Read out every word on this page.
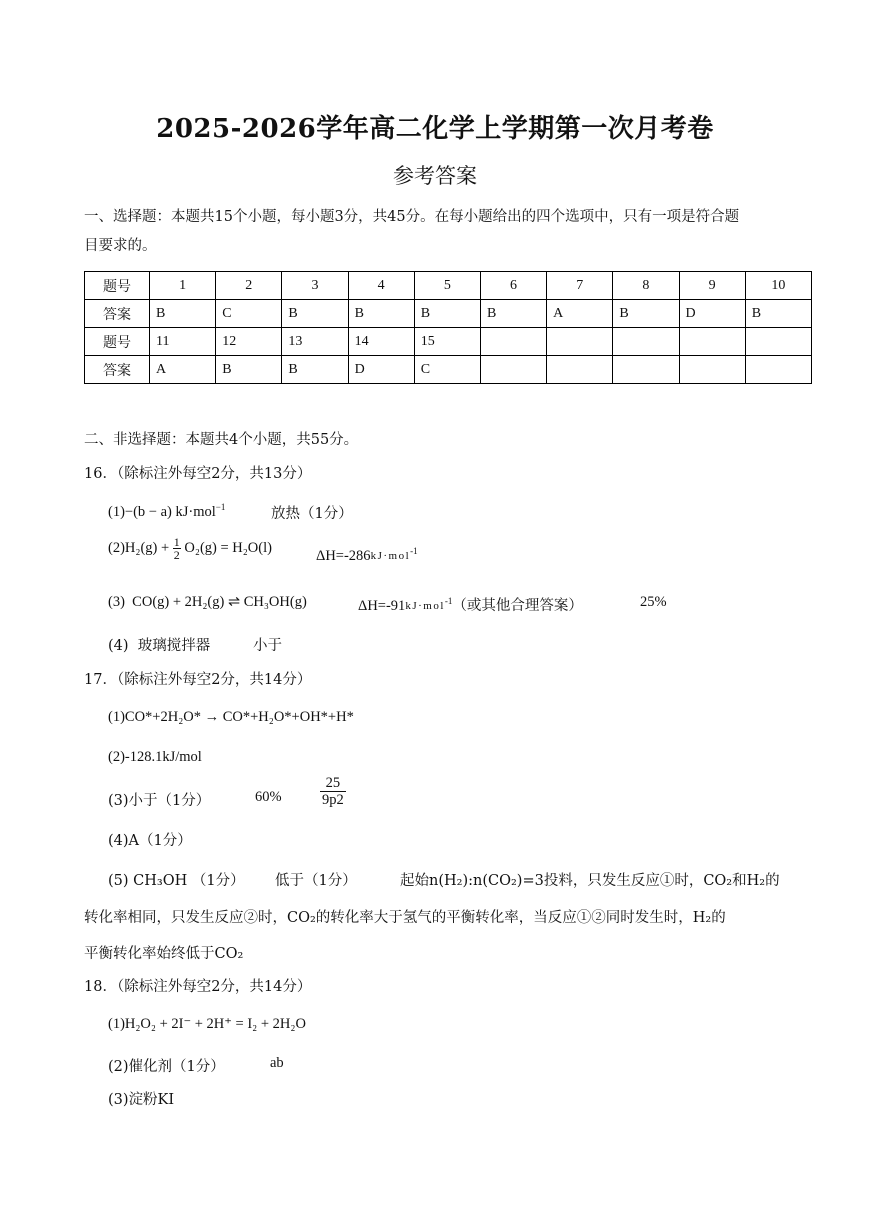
2025-2026学年高二化学上学期第一次月考卷
参考答案
一、选择题：本题共15个小题，每小题3分，共45分。在每小题给出的四个选项中，只有一项是符合题
目要求的。
题号	1	2	3	4	5	6	7	8	9	10
答案	B	C	B	B	B	B	A	B	D	B
题号	11	12	13	14	15					
答案	A	B	B	D	C					
二、非选择题：本题共4个小题，共55分。
16．（除标注外每空2分，共13分）
(1)−(b − a) kJ·mol$^{-1}$	放热（1分）
$(2)H_2(g) + \frac{1}{2} O_2(g) = H_2O(l)$	ΔH=-286kJ·mol$^{-1}$
(3) CO(g) + 2H₂(g) ⇌ CH₃OH(g)	ΔH=-91kJ·mol$^{-1}$（或其他合理答案）	25%
(4) 玻璃搅拌器	小于
17．（除标注外每空2分，共14分）
(1)CO*+2H₂O* → CO*+H₂O*+OH*+H*
(2)-128.1kJ/mol
(3)小于（1分）	60%	$\frac{25}{9p2}$
(4)A（1分）
(5) CH₃OH （1分） 低于（1分）	起始n(H₂):n(CO₂)=3投料，只发生反应①时，CO₂和H₂的
转化率相同，只发生反应②时，CO₂的转化率大于氢气的平衡转化率，当反应①②同时发生时，H₂的
平衡转化率始终低于CO₂
18．（除标注外每空2分，共14分）
(1)H₂O₂ + 2I⁻ + 2H⁺ = I₂ + 2H₂O
(2)催化剂（1分）	ab
(3)淀粉KI
